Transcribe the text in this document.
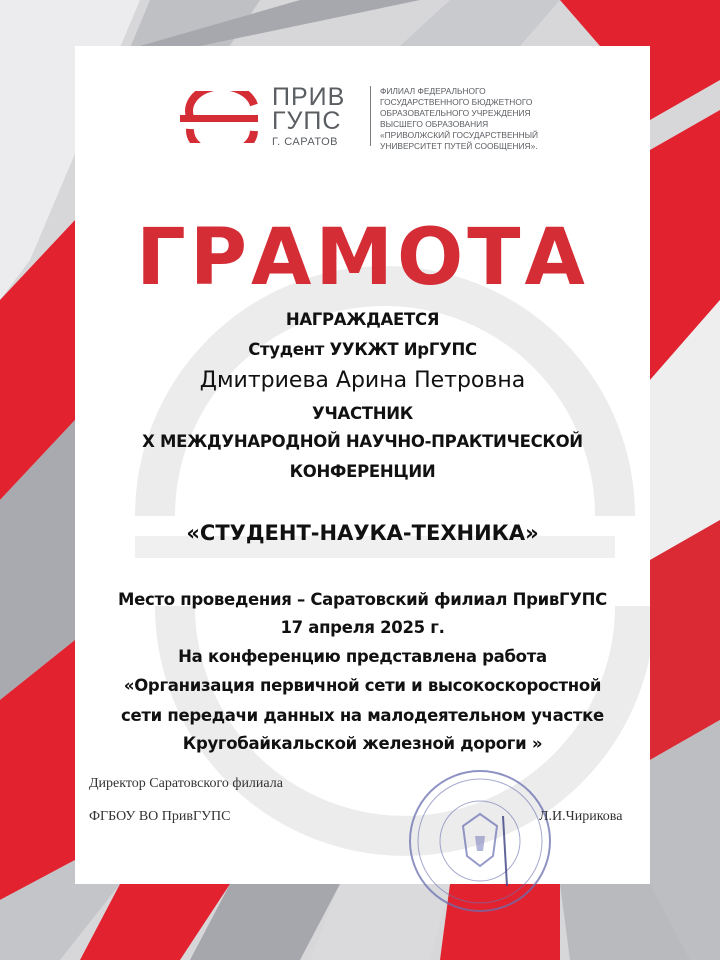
ПРИВ
ГУПС
Г. САРАТОВ
ФИЛИАЛ ФЕДЕРАЛЬНОГО
ГОСУДАРСТВЕННОГО БЮДЖЕТНОГО
ОБРАЗОВАТЕЛЬНОГО УЧРЕЖДЕНИЯ
ВЫСШЕГО ОБРАЗОВАНИЯ
«ПРИВОЛЖСКИЙ ГОСУДАРСТВЕННЫЙ
УНИВЕРСИТЕТ ПУТЕЙ СООБЩЕНИЯ».
ГРАМОТА
НАГРАЖДАЕТСЯ
Студент УУКЖТ ИрГУПС
Дмитриева Арина Петровна
УЧАСТНИК
X МЕЖДУНАРОДНОЙ НАУЧНО-ПРАКТИЧЕСКОЙ
КОНФЕРЕНЦИИ
«СТУДЕНТ-НАУКА-ТЕХНИКА»
Место проведения – Саратовский филиал ПривГУПС
17 апреля 2025 г.
На конференцию представлена работа
«Организация первичной сети и высокоскоростной
сети передачи данных на малодеятельном участке
Кругобайкальской железной дороги »
Директор Саратовского филиала
ФГБОУ ВО ПривГУПС	Л.И.Чирикова
